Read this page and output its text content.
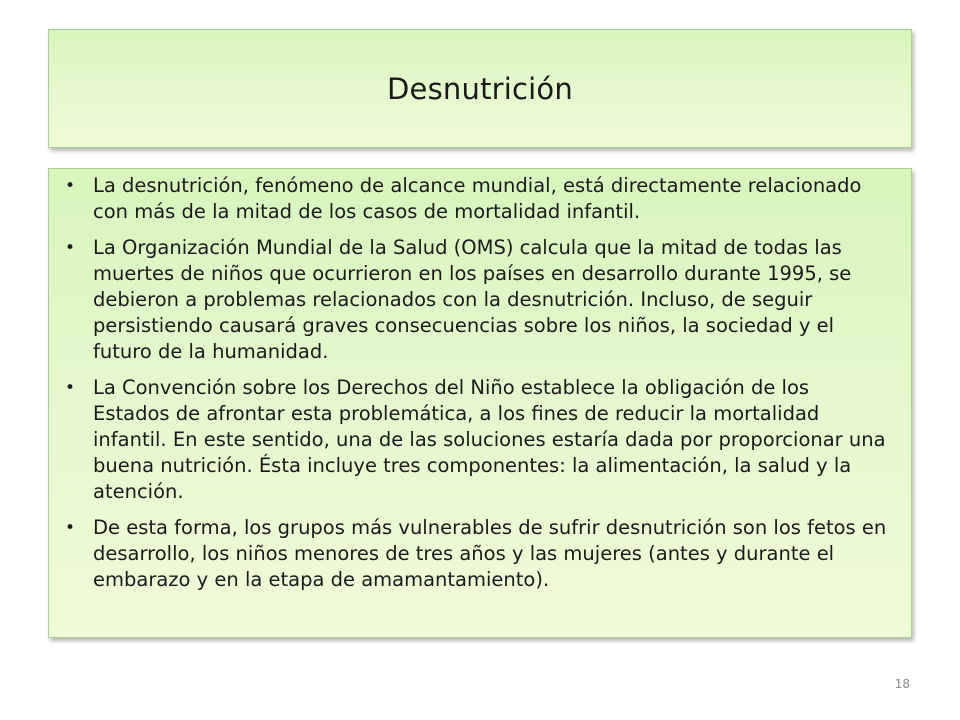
Desnutrición
• La desnutrición, fenómeno de alcance mundial, está directamente relacionado con más de la mitad de los casos de mortalidad infantil.
• La Organización Mundial de la Salud (OMS) calcula que la mitad de todas las muertes de niños que ocurrieron en los países en desarrollo durante 1995, se debieron a problemas relacionados con la desnutrición. Incluso, de seguir persistiendo causará graves consecuencias sobre los niños, la sociedad y el futuro de la humanidad.
• La Convención sobre los Derechos del Niño establece la obligación de los Estados de afrontar esta problemática, a los fines de reducir la mortalidad infantil. En este sentido, una de las soluciones estaría dada por proporcionar una buena nutrición. Ésta incluye tres componentes: la alimentación, la salud y la atención.
• De esta forma, los grupos más vulnerables de sufrir desnutrición son los fetos en desarrollo, los niños menores de tres años y las mujeres (antes y durante el embarazo y en la etapa de amamantamiento).
18
